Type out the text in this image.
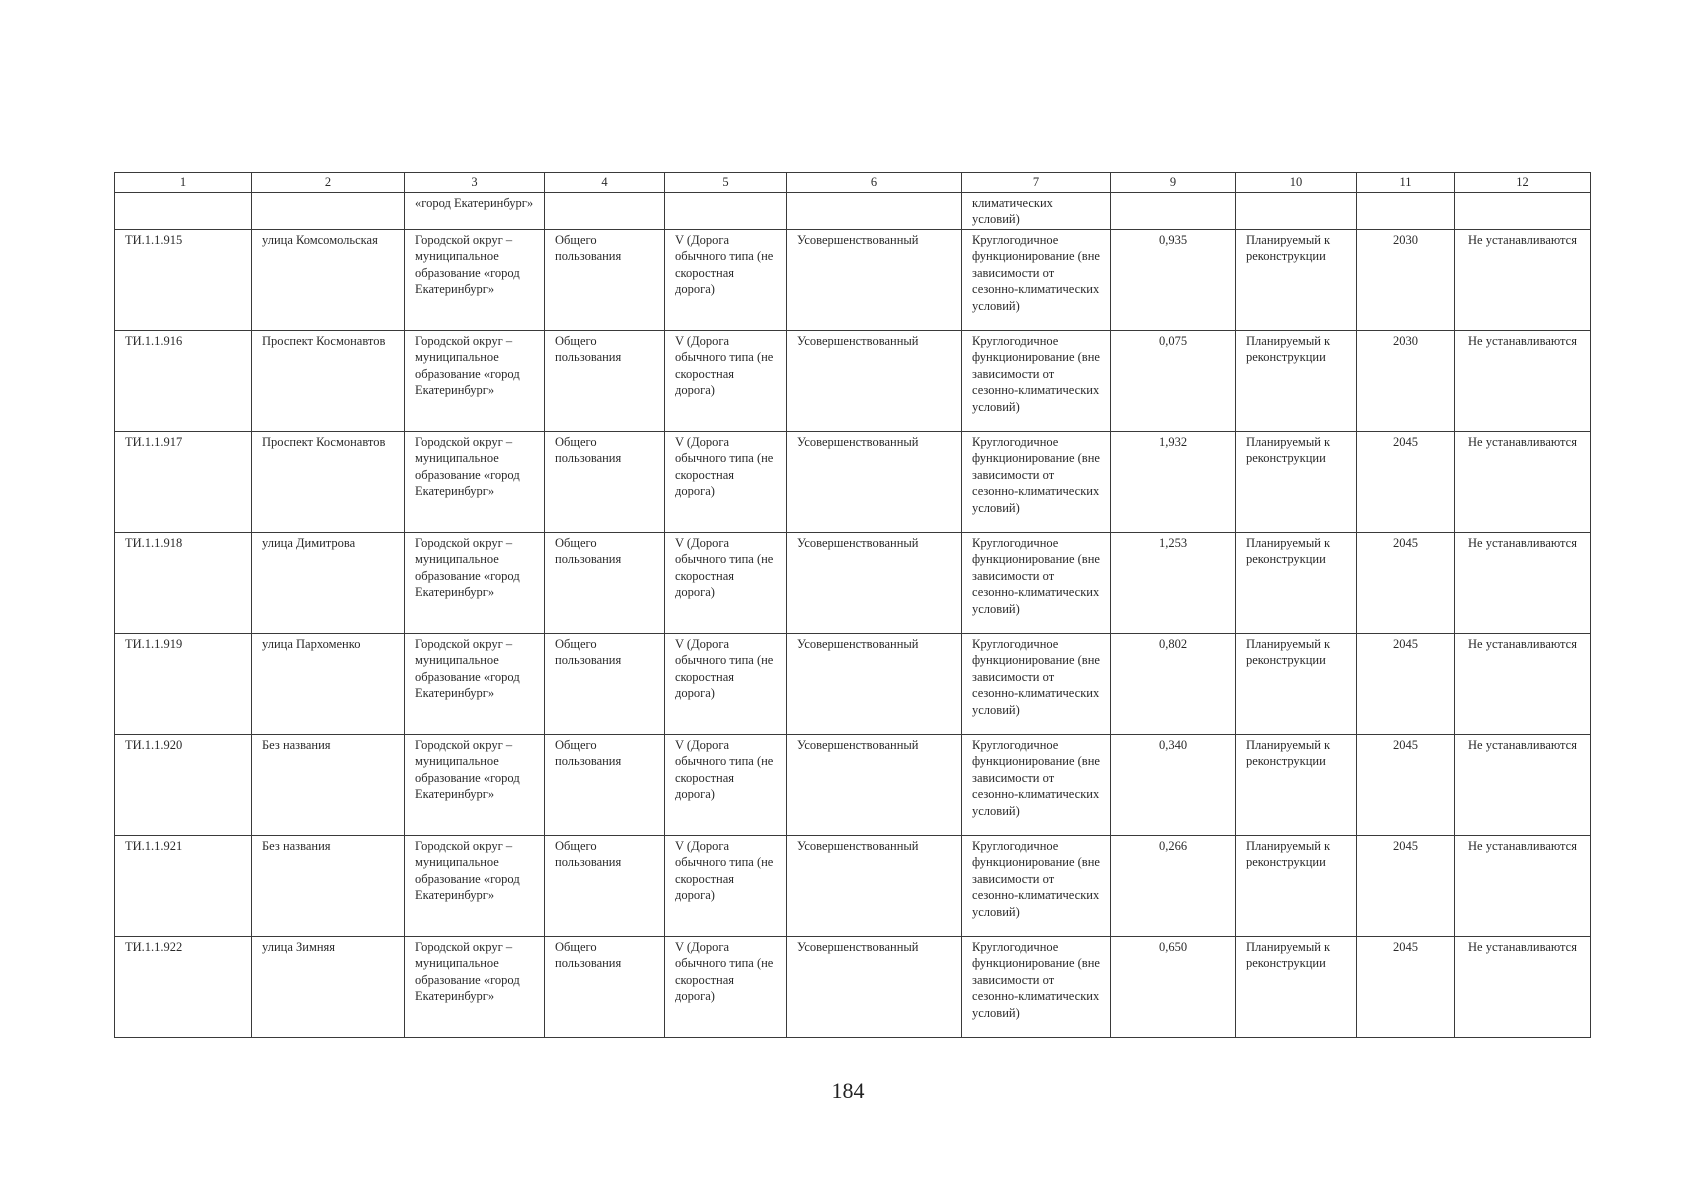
1	2	3	4	5	6	7	9	10	11	12
		«город Екатеринбург»				климатических условий)				
ТИ.1.1.915	улица Комсомольская	Городской округ – муниципальное образование «город Екатеринбург»	Общего пользования	V (Дорога обычного типа (не скоростная дорога)	Усовершенствованный	Круглогодичное функционирование (вне зависимости от сезонно-климатических условий)	0,935	Планируемый к реконструкции	2030	Не устанавливаются
ТИ.1.1.916	Проспект Космонавтов	Городской округ – муниципальное образование «город Екатеринбург»	Общего пользования	V (Дорога обычного типа (не скоростная дорога)	Усовершенствованный	Круглогодичное функционирование (вне зависимости от сезонно-климатических условий)	0,075	Планируемый к реконструкции	2030	Не устанавливаются
ТИ.1.1.917	Проспект Космонавтов	Городской округ – муниципальное образование «город Екатеринбург»	Общего пользования	V (Дорога обычного типа (не скоростная дорога)	Усовершенствованный	Круглогодичное функционирование (вне зависимости от сезонно-климатических условий)	1,932	Планируемый к реконструкции	2045	Не устанавливаются
ТИ.1.1.918	улица Димитрова	Городской округ – муниципальное образование «город Екатеринбург»	Общего пользования	V (Дорога обычного типа (не скоростная дорога)	Усовершенствованный	Круглогодичное функционирование (вне зависимости от сезонно-климатических условий)	1,253	Планируемый к реконструкции	2045	Не устанавливаются
ТИ.1.1.919	улица Пархоменко	Городской округ – муниципальное образование «город Екатеринбург»	Общего пользования	V (Дорога обычного типа (не скоростная дорога)	Усовершенствованный	Круглогодичное функционирование (вне зависимости от сезонно-климатических условий)	0,802	Планируемый к реконструкции	2045	Не устанавливаются
ТИ.1.1.920	Без названия	Городской округ – муниципальное образование «город Екатеринбург»	Общего пользования	V (Дорога обычного типа (не скоростная дорога)	Усовершенствованный	Круглогодичное функционирование (вне зависимости от сезонно-климатических условий)	0,340	Планируемый к реконструкции	2045	Не устанавливаются
ТИ.1.1.921	Без названия	Городской округ – муниципальное образование «город Екатеринбург»	Общего пользования	V (Дорога обычного типа (не скоростная дорога)	Усовершенствованный	Круглогодичное функционирование (вне зависимости от сезонно-климатических условий)	0,266	Планируемый к реконструкции	2045	Не устанавливаются
ТИ.1.1.922	улица Зимняя	Городской округ – муниципальное образование «город Екатеринбург»	Общего пользования	V (Дорога обычного типа (не скоростная дорога)	Усовершенствованный	Круглогодичное функционирование (вне зависимости от сезонно-климатических условий)	0,650	Планируемый к реконструкции	2045	Не устанавливаются
184
